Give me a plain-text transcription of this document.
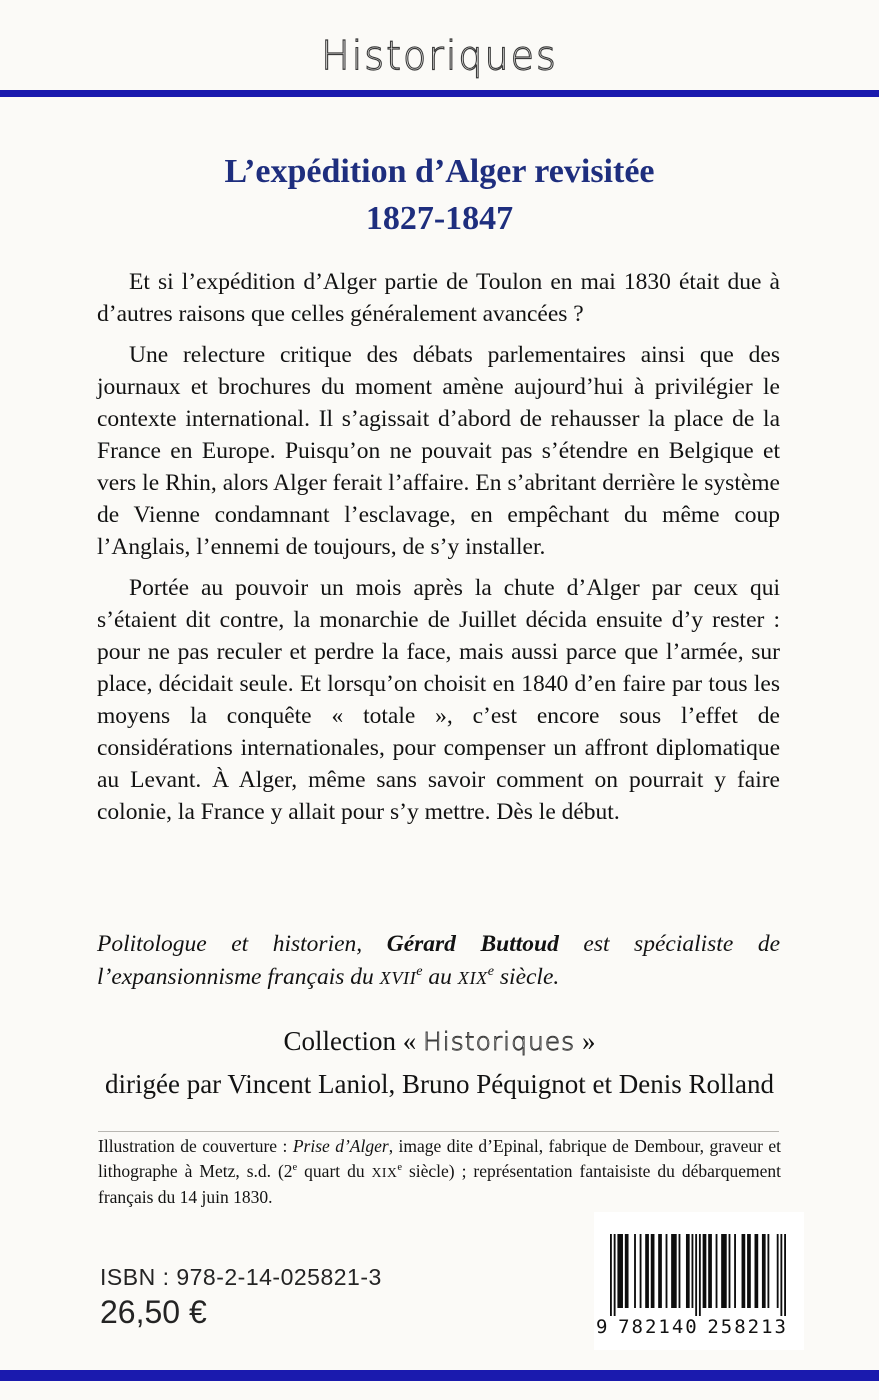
Historiques
L’expédition d’Alger revisitée
1827-1847

Et si l’expédition d’Alger partie de Toulon en mai 1830 était due à d’autres raisons que celles généralement avancées ?

Une relecture critique des débats parlementaires ainsi que des journaux et brochures du moment amène aujourd’hui à privilégier le contexte international. Il s’agissait d’abord de rehausser la place de la France en Europe. Puisqu’on ne pouvait pas s’étendre en Belgique et vers le Rhin, alors Alger ferait l’affaire. En s’abritant derrière le système de Vienne condamnant l’esclavage, en empêchant du même coup l’Anglais, l’ennemi de toujours, de s’y installer.

Portée au pouvoir un mois après la chute d’Alger par ceux qui s’étaient dit contre, la monarchie de Juillet décida ensuite d’y rester : pour ne pas reculer et perdre la face, mais aussi parce que l’armée, sur place, décidait seule. Et lorsqu’on choisit en 1840 d’en faire par tous les moyens la conquête « totale », c’est encore sous l’effet de considérations internationales, pour compenser un affront diplomatique au Levant. À Alger, même sans savoir comment on pourrait y faire colonie, la France y allait pour s’y mettre. Dès le début.

Politologue et historien, Gérard Buttoud est spécialiste de l’expansionnisme français du XVIIe au XIXe siècle.

Collection « Historiques »
dirigée par Vincent Laniol, Bruno Péquignot et Denis Rolland

Illustration de couverture : Prise d’Alger, image dite d’Epinal, fabrique de Dembour, graveur et lithographe à Metz, s.d. (2e quart du XIXe siècle) ; représentation fantaisiste du débarquement français du 14 juin 1830.

ISBN : 978-2-14-025821-3
26,50 €	9 782140 258213
